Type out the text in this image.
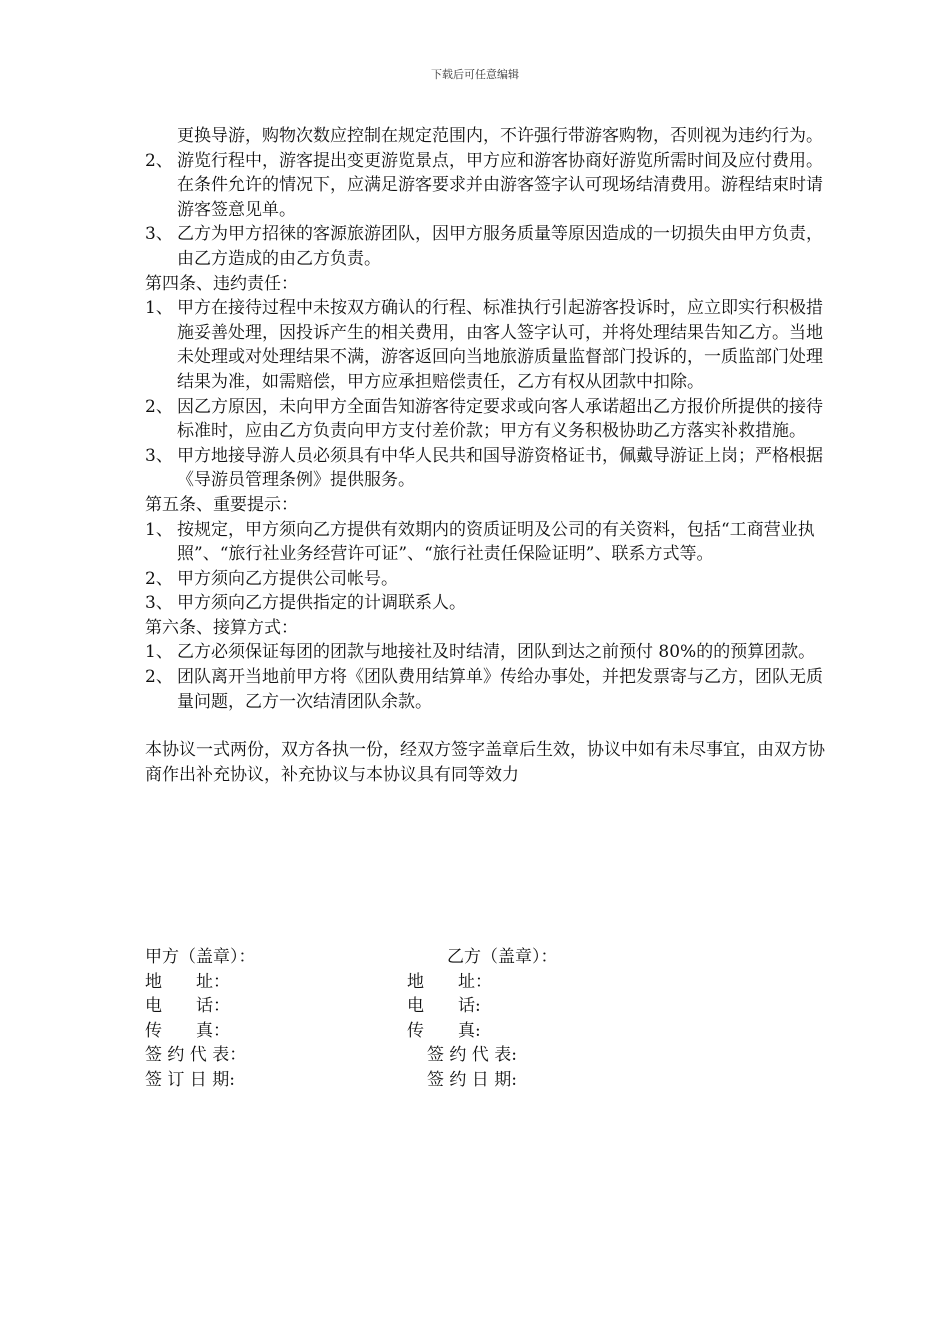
下载后可任意编辑

更换导游，购物次数应控制在规定范围内，不许强行带游客购物，否则视为违约行为。

2、 游览行程中，游客提出变更游览景点，甲方应和游客协商好游览所需时间及应付费用。在条件允许的情况下，应满足游客要求并由游客签字认可现场结清费用。游程结束时请游客签意见单。
3、 乙方为甲方招徕的客源旅游团队，因甲方服务质量等原因造成的一切损失由甲方负责，由乙方造成的由乙方负责。

第四条、违约责任：

1、 甲方在接待过程中未按双方确认的行程、标准执行引起游客投诉时，应立即实行积极措施妥善处理，因投诉产生的相关费用，由客人签字认可，并将处理结果告知乙方。当地未处理或对处理结果不满，游客返回向当地旅游质量监督部门投诉的，一质监部门处理结果为准，如需赔偿，甲方应承担赔偿责任，乙方有权从团款中扣除。
2、 因乙方原因，未向甲方全面告知游客待定要求或向客人承诺超出乙方报价所提供的接待标准时，应由乙方负责向甲方支付差价款；甲方有义务积极协助乙方落实补救措施。
3、 甲方地接导游人员必须具有中华人民共和国导游资格证书，佩戴导游证上岗；严格根据《导游员管理条例》提供服务。

第五条、重要提示：

1、 按规定，甲方须向乙方提供有效期内的资质证明及公司的有关资料，包括“工商营业执照”、“旅行社业务经营许可证”、“旅行社责任保险证明”、联系方式等。
2、 甲方须向乙方提供公司帐号。
3、 甲方须向乙方提供指定的计调联系人。

第六条、接算方式：

1、 乙方必须保证每团的团款与地接社及时结清，团队到达之前预付 80%的的预算团款。
2、 团队离开当地前甲方将《团队费用结算单》传给办事处，并把发票寄与乙方，团队无质量问题，乙方一次结清团队余款。

本协议一式两份，双方各执一份，经双方签字盖章后生效，协议中如有未尽事宜，由双方协商作出补充协议，补充协议与本协议具有同等效力

甲方（盖章）：	乙方（盖章）：
地　　址：	地　　址：
电　　话：	电　　话:
传　　真：	传　　真:
签 约 代 表：	签 约 代 表:
签 订 日 期:	签 约 日 期:
